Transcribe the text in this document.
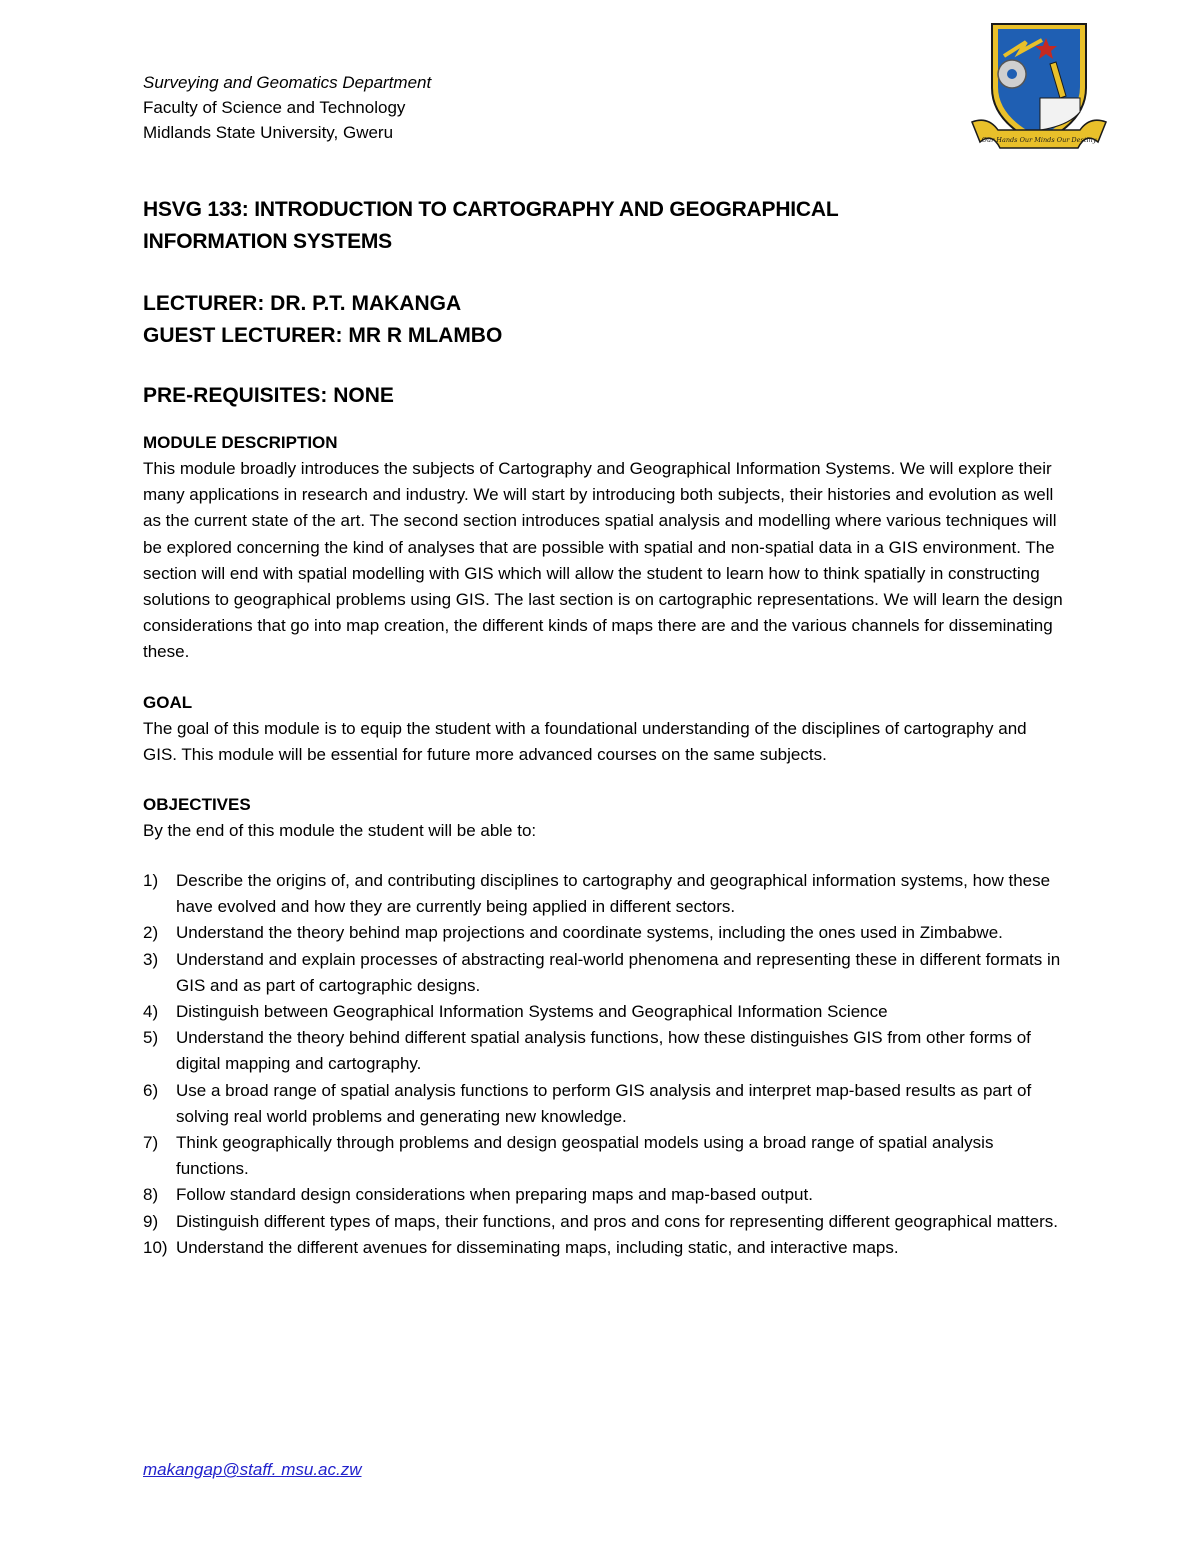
Surveying and Geomatics Department
Faculty of Science and Technology
Midlands State University, Gweru	Our Hands Our Minds Our Destiny
HSVG 133: INTRODUCTION TO CARTOGRAPHY AND GEOGRAPHICAL
INFORMATION SYSTEMS
LECTURER: DR. P.T. MAKANGA
GUEST LECTURER: MR R MLAMBO
PRE-REQUISITES: NONE
MODULE DESCRIPTION

This module broadly introduces the subjects of Cartography and Geographical Information Systems. We will explore their many applications in research and industry. We will start by introducing both subjects, their histories and evolution as well as the current state of the art. The second section introduces spatial analysis and modelling where various techniques will be explored concerning the kind of analyses that are possible with spatial and non-spatial data in a GIS environment. The section will end with spatial modelling with GIS which will allow the student to learn how to think spatially in constructing solutions to geographical problems using GIS. The last section is on cartographic representations. We will learn the design considerations that go into map creation, the different kinds of maps there are and the various channels for disseminating these.

GOAL

The goal of this module is to equip the student with a foundational understanding of the disciplines of cartography and GIS. This module will be essential for future more advanced courses on the same subjects.

OBJECTIVES

By the end of this module the student will be able to:

1) Describe the origins of, and contributing disciplines to cartography and geographical information systems, how these have evolved and how they are currently being applied in different sectors.
2) Understand the theory behind map projections and coordinate systems, including the ones used in Zimbabwe.
3) Understand and explain processes of abstracting real-world phenomena and representing these in different formats in GIS and as part of cartographic designs.
4) Distinguish between Geographical Information Systems and Geographical Information Science
5) Understand the theory behind different spatial analysis functions, how these distinguishes GIS from other forms of digital mapping and cartography.
6) Use a broad range of spatial analysis functions to perform GIS analysis and interpret map-based results as part of solving real world problems and generating new knowledge.
7) Think geographically through problems and design geospatial models using a broad range of spatial analysis functions.
8) Follow standard design considerations when preparing maps and map-based output.
9) Distinguish different types of maps, their functions, and pros and cons for representing different geographical matters.
10) Understand the different avenues for disseminating maps, including static, and interactive maps.
makangap@staff. msu.ac.zw
